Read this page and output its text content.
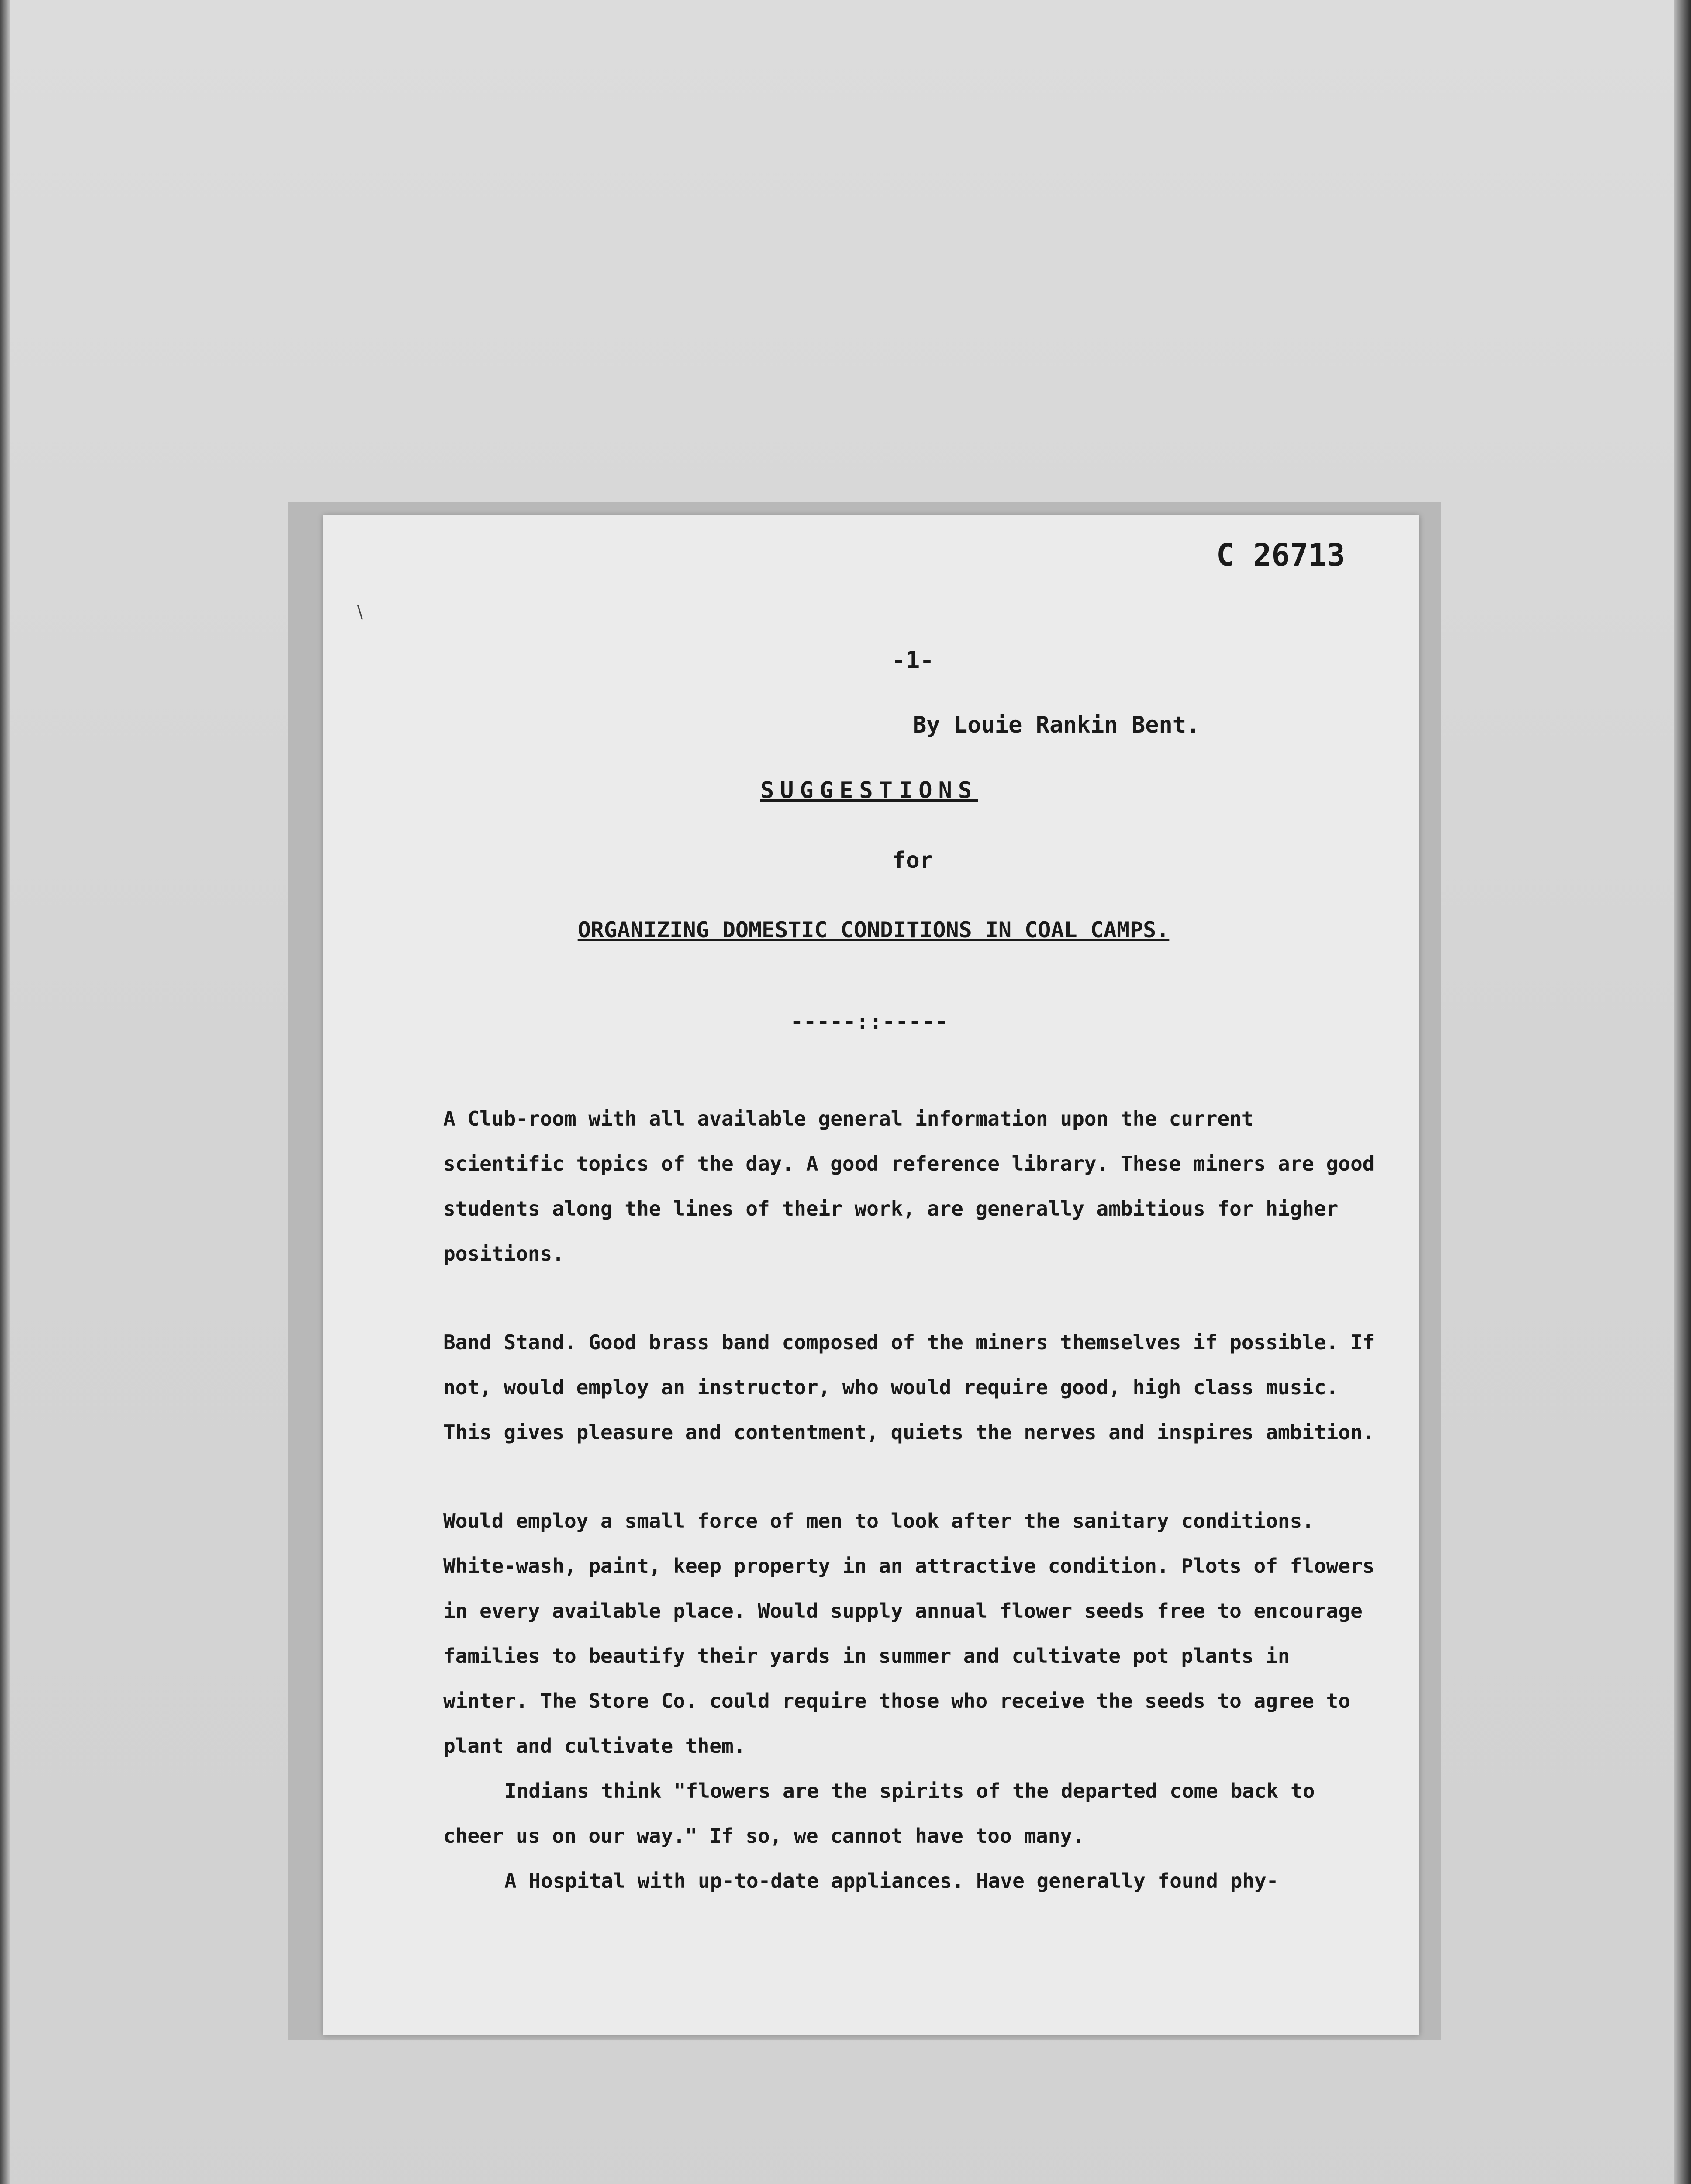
C 26713
∖
-1-
By Louie Rankin Bent.
SUGGESTIONS
for
ORGANIZING DOMESTIC CONDITIONS IN COAL CAMPS.
-----::-----

A Club-room with all available general information upon the current scientific topics of the day. A good reference library. These miners are good students along the lines of their work, are generally ambitious for higher positions.

Band Stand. Good brass band composed of the miners themselves if possible. If not, would employ an instructor, who would require good, high class music. This gives pleasure and contentment, quiets the nerves and inspires ambition.

Would employ a small force of men to look after the sanitary conditions. White-wash, paint, keep property in an attractive condition. Plots of flowers in every available place. Would supply annual flower seeds free to encourage families to beautify their yards in summer and cultivate pot plants in winter. The Store Co. could require those who receive the seeds to agree to plant and cultivate them.

Indians think "flowers are the spirits of the departed come back to cheer us on our way." If so, we cannot have too many.

A Hospital with up-to-date appliances. Have generally found phy-
